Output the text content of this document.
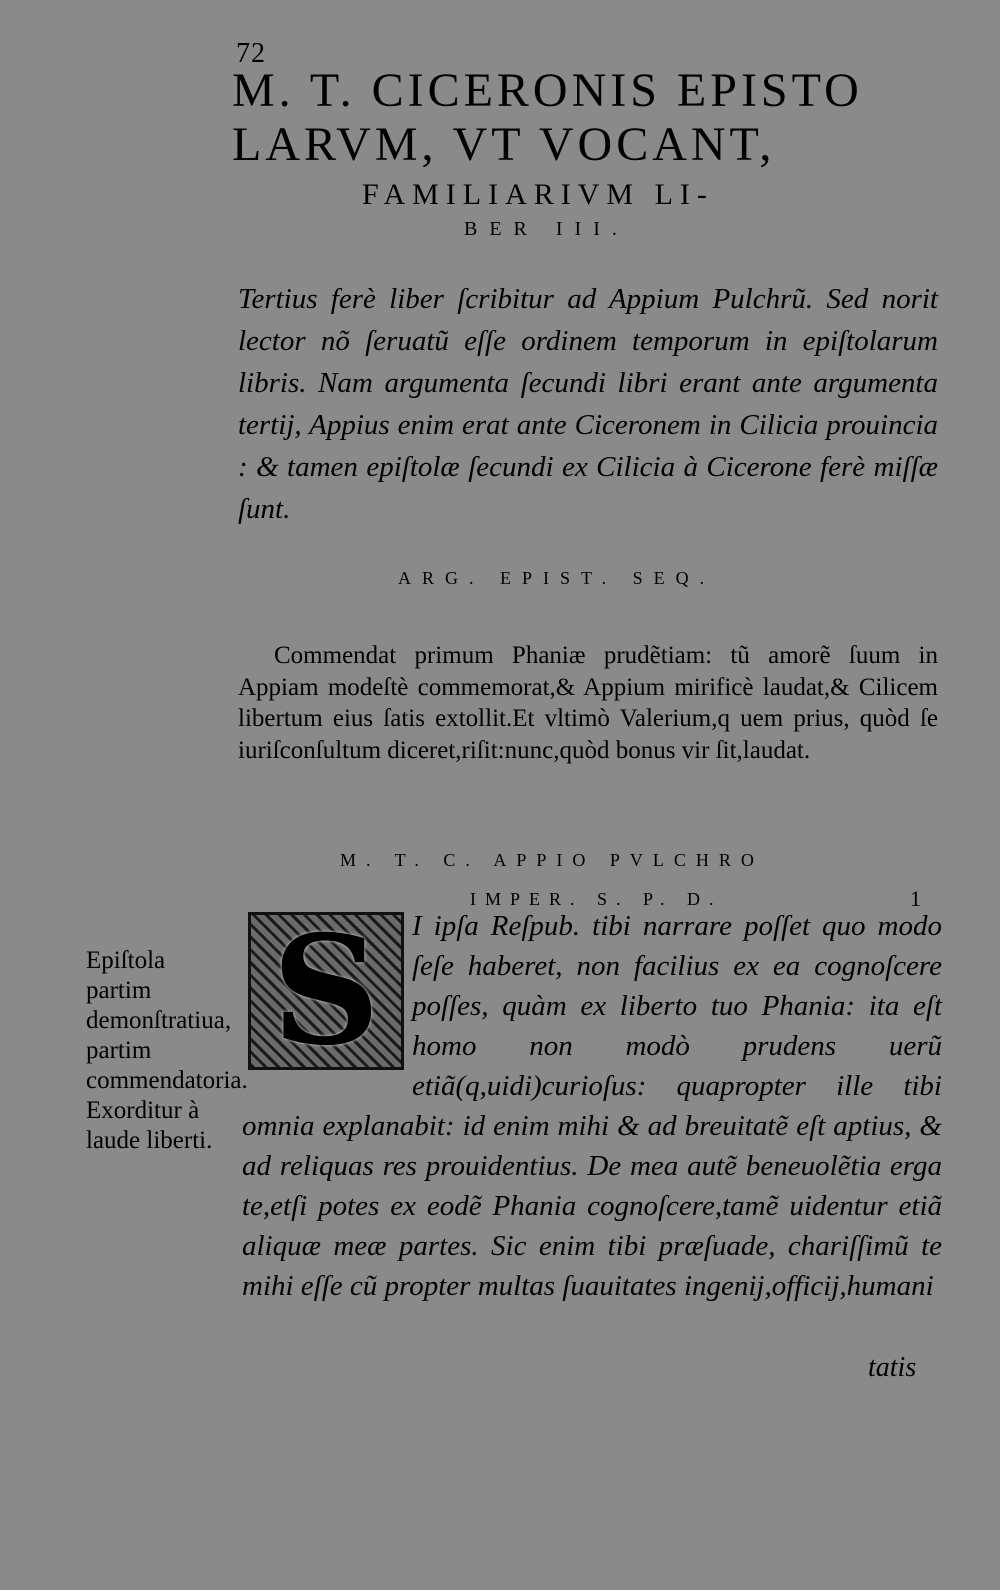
72
M. T. CICERONIS EPISTO
LARVM, VT VOCANT,
FAMILIARIVM LI-
BER III.

Tertius ferè liber ſcribitur ad Appium Pulchrũ. Sed norit lector nõ ſeruatũ eſſe ordinem temporum in epiſtolarum libris. Nam argumenta ſecundi libri erant ante argumenta tertij, Appius enim erat ante Ciceronem in Cilicia prouincia : & tamen epiſtolæ ſecundi ex Cilicia à Cicerone ferè miſſæ ſunt.

ARG. EPIST. SEQ.

Commendat primum Phaniæ prudẽtiam: tũ amorẽ ſuum in Appiam modeſtè commemorat,& Appium mirificè laudat,& Cilicem libertum eius ſatis extollit.Et vltimò Valerium,q uem prius, quòd ſe iuriſconſultum diceret,riſit:nunc,quòd bonus vir ſit,laudat.

M. T. C. APPIO PVLCHRO
IMPER. S. P. D.	1

Epiſtola partim demonſtratiua, partim commendatoria. Exorditur à laude liberti.

S	I ipſa Reſpub. tibi narrare poſſet quo modo ſeſe haberet, non facilius ex ea cognoſcere poſſes, quàm ex liberto tuo Phania: ita eſt homo non modò prudens uerũ etiã(q,uidi)curioſus: quapropter ille tibi omnia explanabit: id enim mihi & ad breuitatẽ eſt aptius, & ad reliquas res prouidentius. De mea autẽ beneuolẽtia erga te,etſi potes ex eodẽ Phania cognoſcere,tamẽ uidentur etiã aliquæ meæ partes. Sic enim tibi præſuade, chariſſimũ te mihi eſſe cũ propter multas ſuauitates ingenij,officij,humani

tatis
